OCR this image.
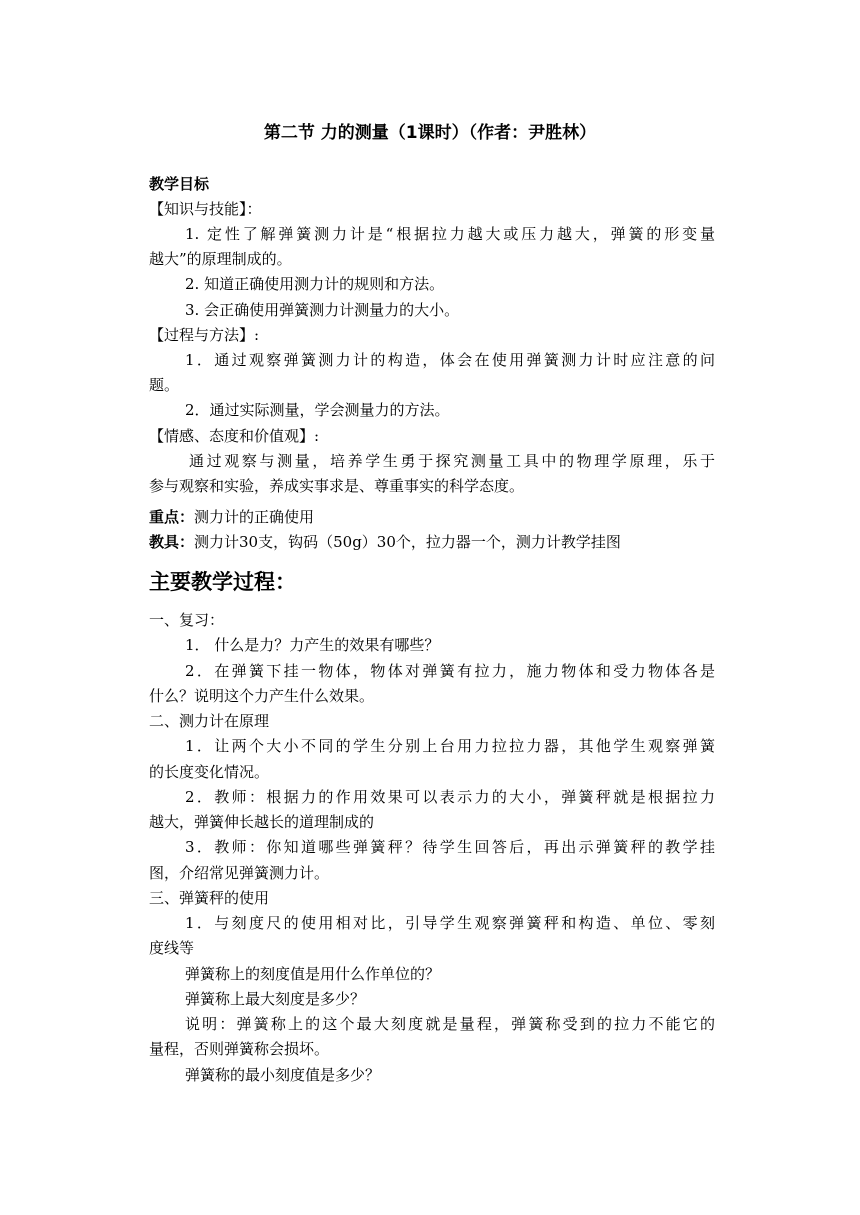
第二节 力的测量（1课时）（作者：尹胜林）
教学目标
【知识与技能】：
1. 定性了解弹簧测力计是“根据拉力越大或压力越大，弹簧的形变量
越大”的原理制成的。
2. 知道正确使用测力计的规则和方法。
3. 会正确使用弹簧测力计测量力的大小。
【过程与方法】:
1．通过观察弹簧测力计的构造，体会在使用弹簧测力计时应注意的问
题。
2．通过实际测量，学会测量力的方法。
【情感、态度和价值观】:
通过观察与测量，培养学生勇于探究测量工具中的物理学原理，乐于
参与观察和实验，养成实事求是、尊重事实的科学态度。
重点：测力计的正确使用
教具：测力计30支，钩码（50g）30个，拉力器一个，测力计教学挂图
主要教学过程：
一、复习：
1． 什么是力？力产生的效果有哪些？
2．在弹簧下挂一物体，物体对弹簧有拉力，施力物体和受力物体各是
什么？说明这个力产生什么效果。
二、测力计在原理
1．让两个大小不同的学生分别上台用力拉拉力器，其他学生观察弹簧
的长度变化情况。
2．教师：根据力的作用效果可以表示力的大小，弹簧秤就是根据拉力
越大，弹簧伸长越长的道理制成的
3．教师：你知道哪些弹簧秤？待学生回答后，再出示弹簧秤的教学挂
图，介绍常见弹簧测力计。
三、弹簧秤的使用
1．与刻度尺的使用相对比，引导学生观察弹簧秤和构造、单位、零刻
度线等
弹簧称上的刻度值是用什么作单位的？
弹簧称上最大刻度是多少？
说明：弹簧称上的这个最大刻度就是量程，弹簧称受到的拉力不能它的
量程，否则弹簧称会损坏。
弹簧称的最小刻度值是多少？
